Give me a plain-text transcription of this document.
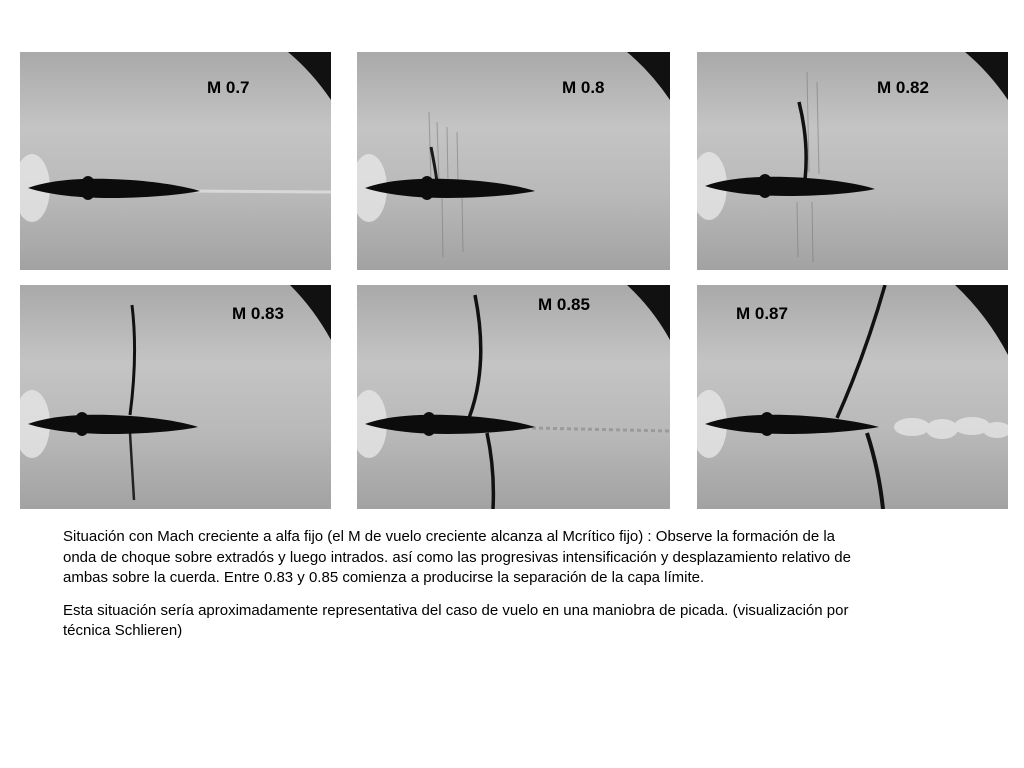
M 0.7	M 0.8	M 0.82
M 0.83	M 0.85	M 0.87

Situación con Mach creciente a alfa fijo (el M de vuelo creciente alcanza al Mcrítico fijo) : Observe la formación de la onda de choque sobre extradós y luego intrados. así como las progresivas intensificación y desplazamiento relativo de ambas sobre la cuerda. Entre 0.83 y 0.85 comienza a producirse la separación de la capa límite.

Esta situación sería aproximadamente representativa del caso de vuelo en una maniobra de picada. (visualización por técnica Schlieren)
